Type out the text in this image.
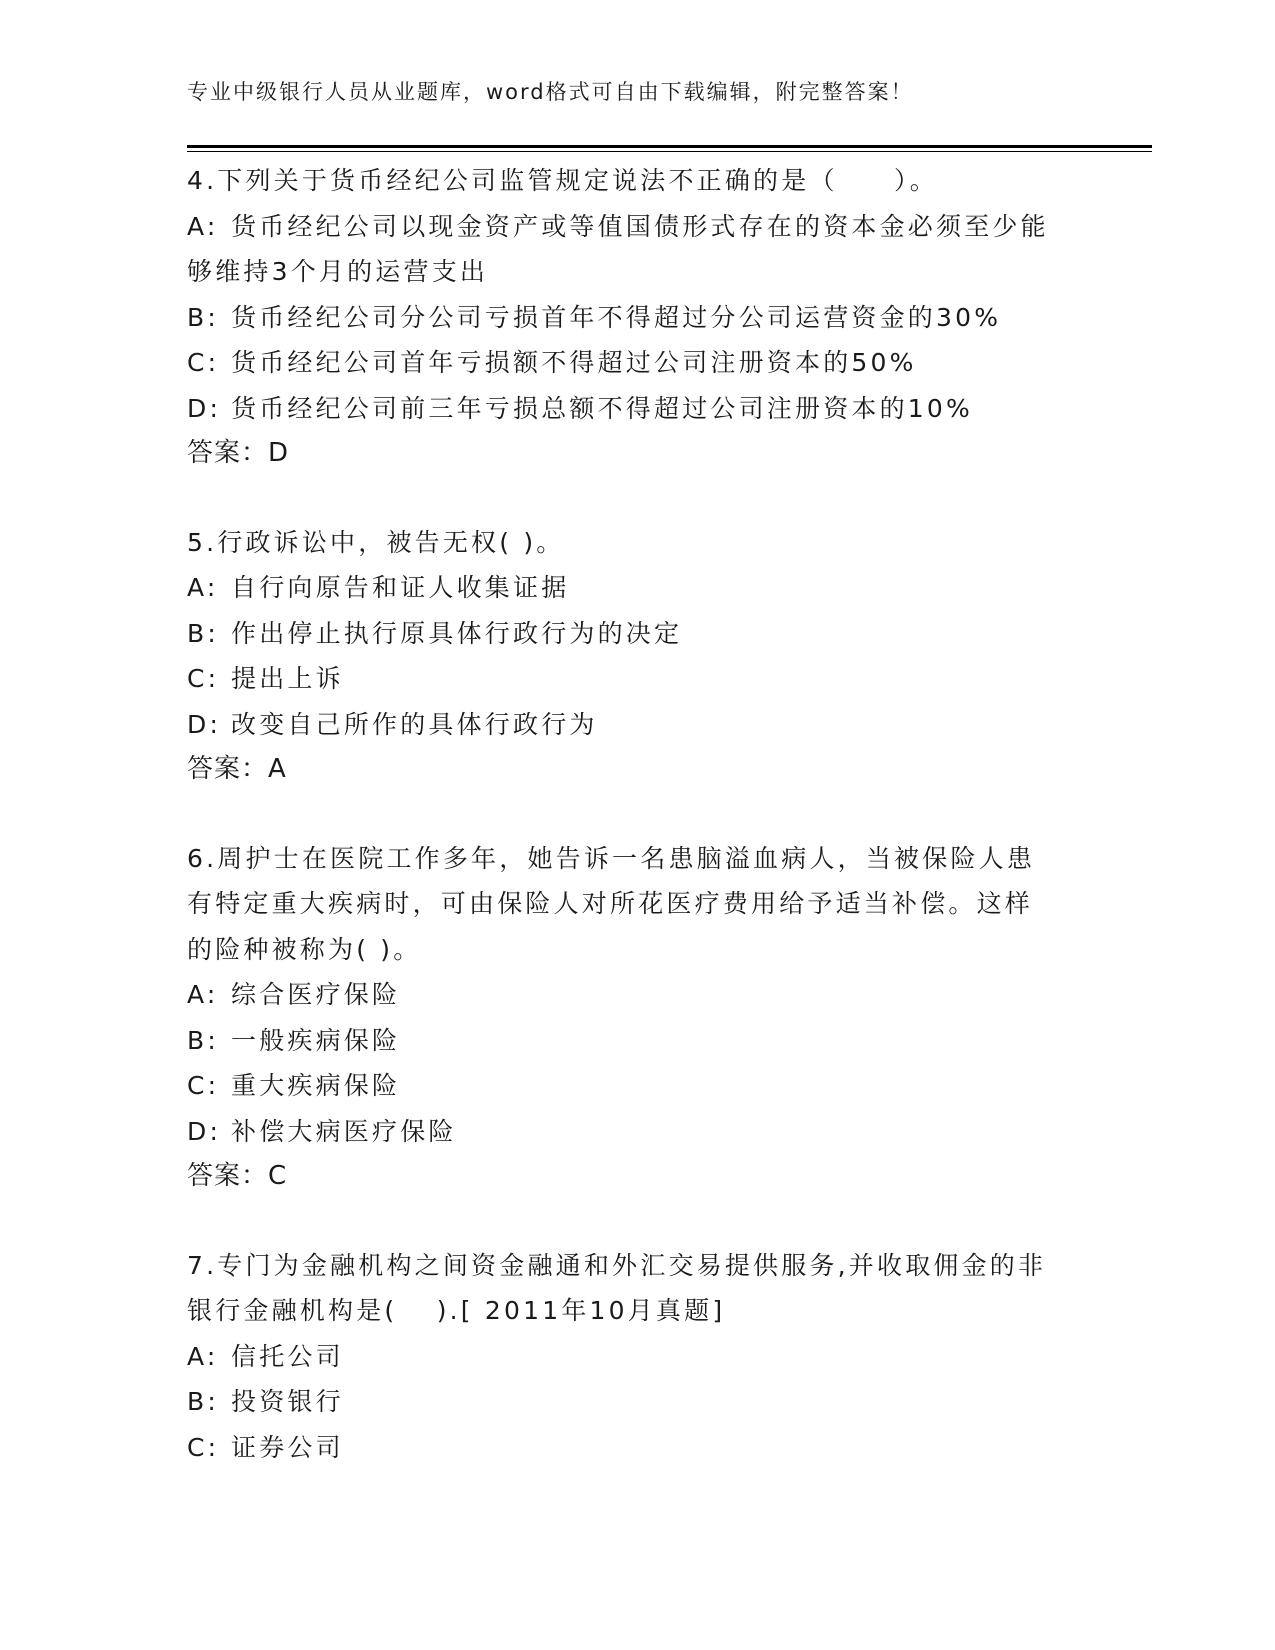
专业中级银行人员从业题库，word格式可自由下载编辑，附完整答案！
4.下列关于货币经纪公司监管规定说法不正确的是（　　）。
A: 货币经纪公司以现金资产或等值国债形式存在的资本金必须至少能
够维持3个月的运营支出
B: 货币经纪公司分公司亏损首年不得超过分公司运营资金的30%
C: 货币经纪公司首年亏损额不得超过公司注册资本的50%
D: 货币经纪公司前三年亏损总额不得超过公司注册资本的10%
答案：D
5.行政诉讼中，被告无权( )。
A: 自行向原告和证人收集证据
B: 作出停止执行原具体行政行为的决定
C: 提出上诉
D: 改变自己所作的具体行政行为
答案：A
6.周护士在医院工作多年，她告诉一名患脑溢血病人，当被保险人患
有特定重大疾病时，可由保险人对所花医疗费用给予适当补偿。这样
的险种被称为( )。
A: 综合医疗保险
B: 一般疾病保险
C: 重大疾病保险
D: 补偿大病医疗保险
答案：C
7.专门为金融机构之间资金融通和外汇交易提供服务,并收取佣金的非
银行金融机构是(　 ).[ 2011年10月真题]
A: 信托公司
B: 投资银行
C: 证券公司
